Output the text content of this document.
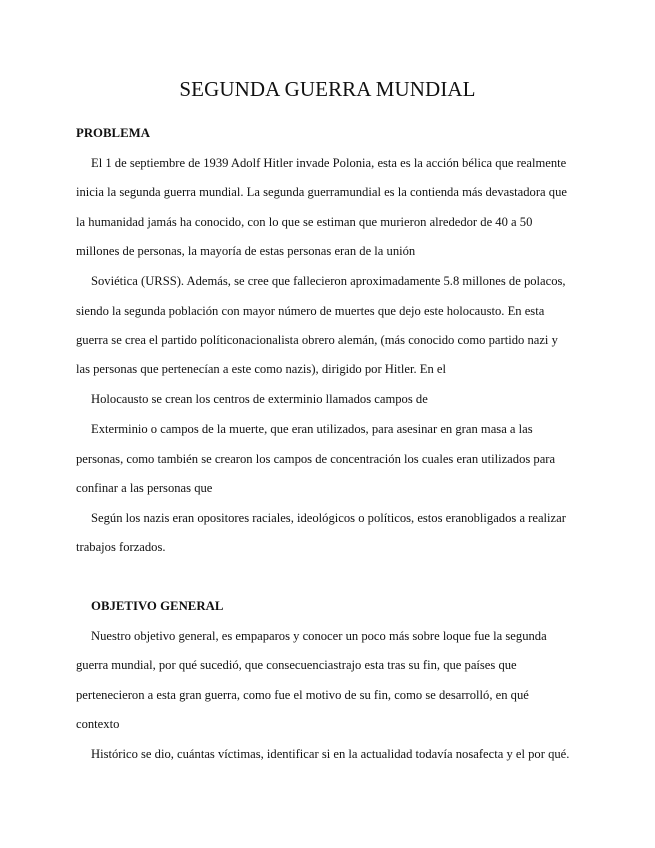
SEGUNDA GUERRA MUNDIAL
PROBLEMA
El 1 de septiembre de 1939 Adolf Hitler invade Polonia, esta es la acción bélica que realmente
inicia la segunda guerra mundial. La segunda guerramundial es la contienda más devastadora que
la humanidad jamás ha conocido, con lo que se estiman que murieron alrededor de 40 a 50
millones de personas, la mayoría de estas personas eran de la unión
Soviética (URSS). Además, se cree que fallecieron aproximadamente 5.8 millones de polacos,
siendo la segunda población con mayor número de muertes que dejo este holocausto. En esta
guerra se crea el partido políticonacionalista obrero alemán, (más conocido como partido nazi y
las personas que pertenecían a este como nazis), dirigido por Hitler. En el
Holocausto se crean los centros de exterminio llamados campos de
Exterminio o campos de la muerte, que eran utilizados, para asesinar en gran masa a las
personas, como también se crearon los campos de concentración los cuales eran utilizados para
confinar a las personas que
Según los nazis eran opositores raciales, ideológicos o políticos, estos eranobligados a realizar
trabajos forzados.
OBJETIVO GENERAL
Nuestro objetivo general, es empaparos y conocer un poco más sobre loque fue la segunda
guerra mundial, por qué sucedió, que consecuenciastrajo esta tras su fin, que países que
pertenecieron a esta gran guerra, como fue el motivo de su fin, como se desarrolló, en qué
contexto
Histórico se dio, cuántas víctimas, identificar si en la actualidad todavía nosafecta y el por qué.
